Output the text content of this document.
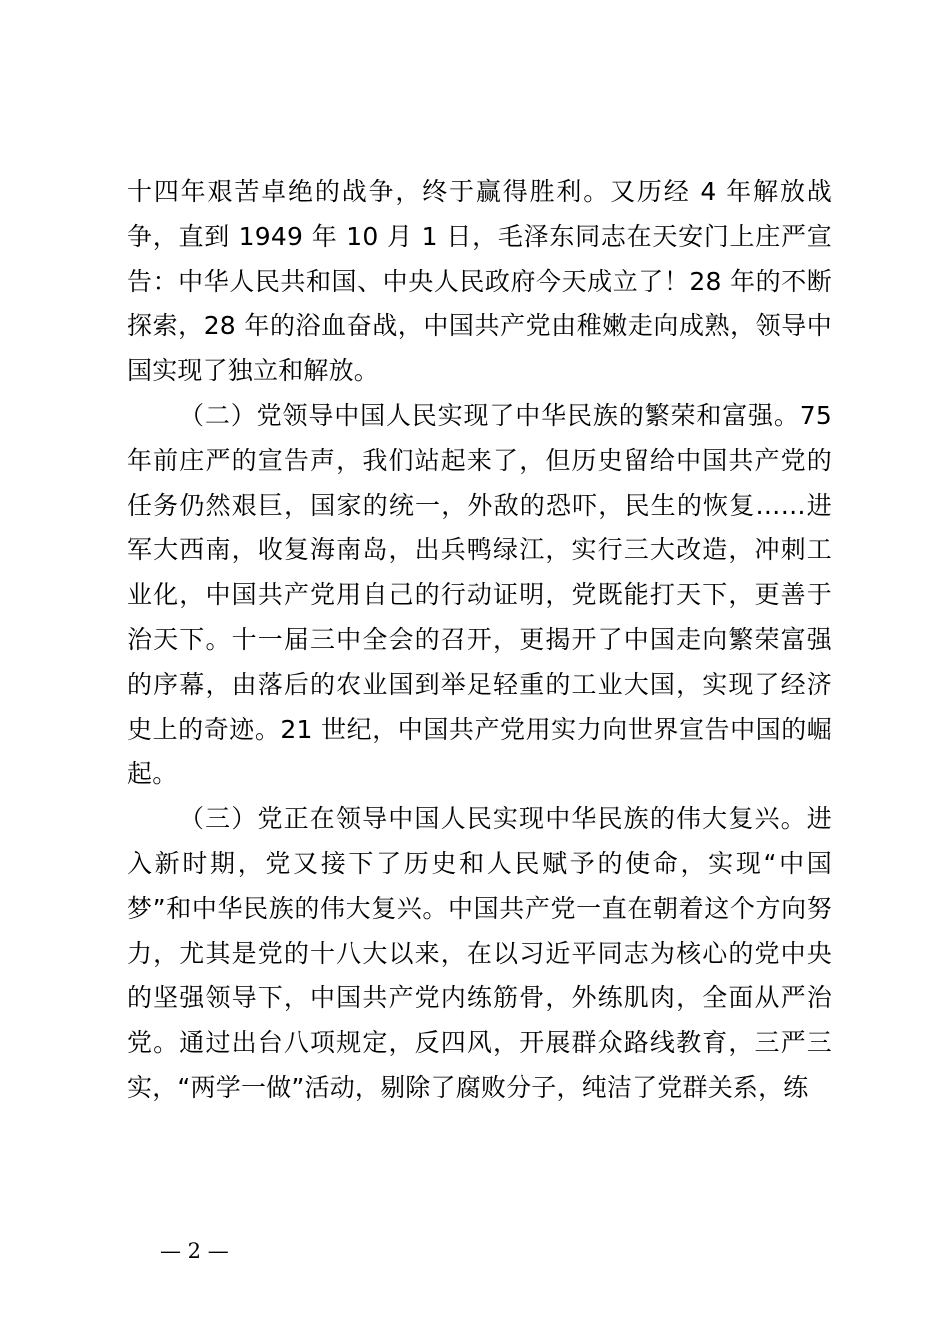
十四年艰苦卓绝的战争，终于赢得胜利。又历经 4 年解放战争，直到 1949 年 10 月 1 日，毛泽东同志在天安门上庄严宣告：中华人民共和国、中央人民政府今天成立了！28 年的不断探索，28 年的浴血奋战，中国共产党由稚嫩走向成熟，领导中国实现了独立和解放。

（二）党领导中国人民实现了中华民族的繁荣和富强。75 年前庄严的宣告声，我们站起来了，但历史留给中国共产党的任务仍然艰巨，国家的统一，外敌的恐吓，民生的恢复……进军大西南，收复海南岛，出兵鸭绿江，实行三大改造，冲刺工业化，中国共产党用自己的行动证明，党既能打天下，更善于治天下。十一届三中全会的召开，更揭开了中国走向繁荣富强的序幕，由落后的农业国到举足轻重的工业大国，实现了经济史上的奇迹。21 世纪，中国共产党用实力向世界宣告中国的崛起。

（三）党正在领导中国人民实现中华民族的伟大复兴。进入新时期，党又接下了历史和人民赋予的使命，实现“中国梦”和中华民族的伟大复兴。中国共产党一直在朝着这个方向努力，尤其是党的十八大以来，在以习近平同志为核心的党中央的坚强领导下，中国共产党内练筋骨，外练肌肉，全面从严治党。通过出台八项规定，反四风，开展群众路线教育，三严三实，“两学一做”活动，剔除了腐败分子，纯洁了党群关系，练

— 2 —
